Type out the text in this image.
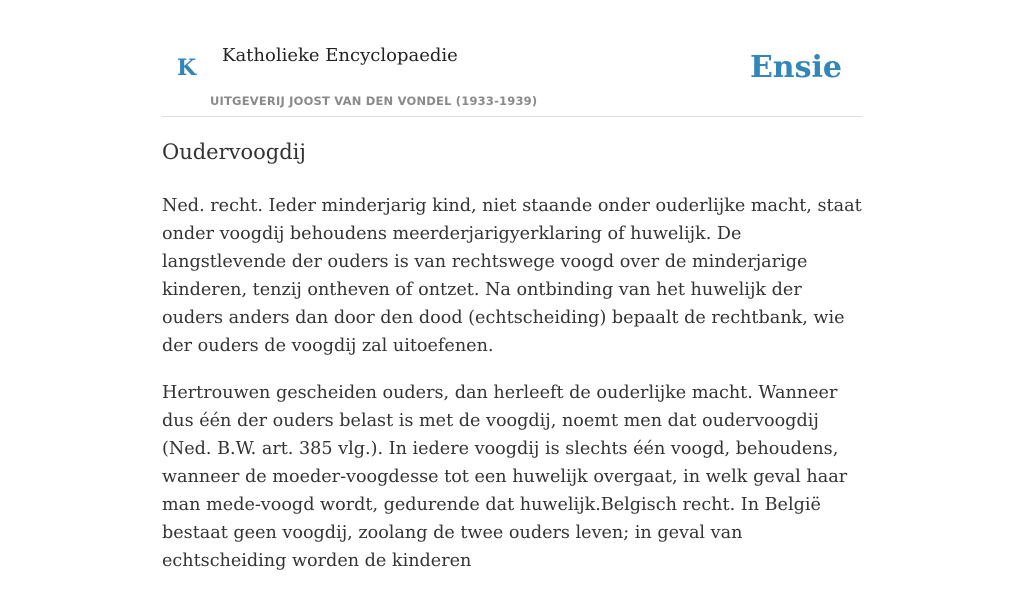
K Katholieke Encyclopaedie
UITGEVERIJ JOOST VAN DEN VONDEL (1933-1939)
Ensie
Oudervoogdij

Ned. recht. Ieder minderjarig kind, niet staande onder ouderlijke macht, staat onder voogdij behoudens meerderjarigyerklaring of huwelijk. De langstlevende der ouders is van rechtswege voogd over de minderjarige kinderen, tenzij ontheven of ontzet. Na ontbinding van het huwelijk der ouders anders dan door den dood (echtscheiding) bepaalt de rechtbank, wie der ouders de voogdij zal uitoefenen.

Hertrouwen gescheiden ouders, dan herleeft de ouderlijke macht. Wanneer dus één der ouders belast is met de voogdij, noemt men dat oudervoogdij (Ned. B.W. art. 385 vlg.). In iedere voogdij is slechts één voogd, behoudens, wanneer de moeder-voogdesse tot een huwelijk overgaat, in welk geval haar man mede-voogd wordt, gedurende dat huwelijk.Belgisch recht. In België bestaat geen voogdij, zoolang de twee ouders leven; in geval van echtscheiding worden de kinderen
